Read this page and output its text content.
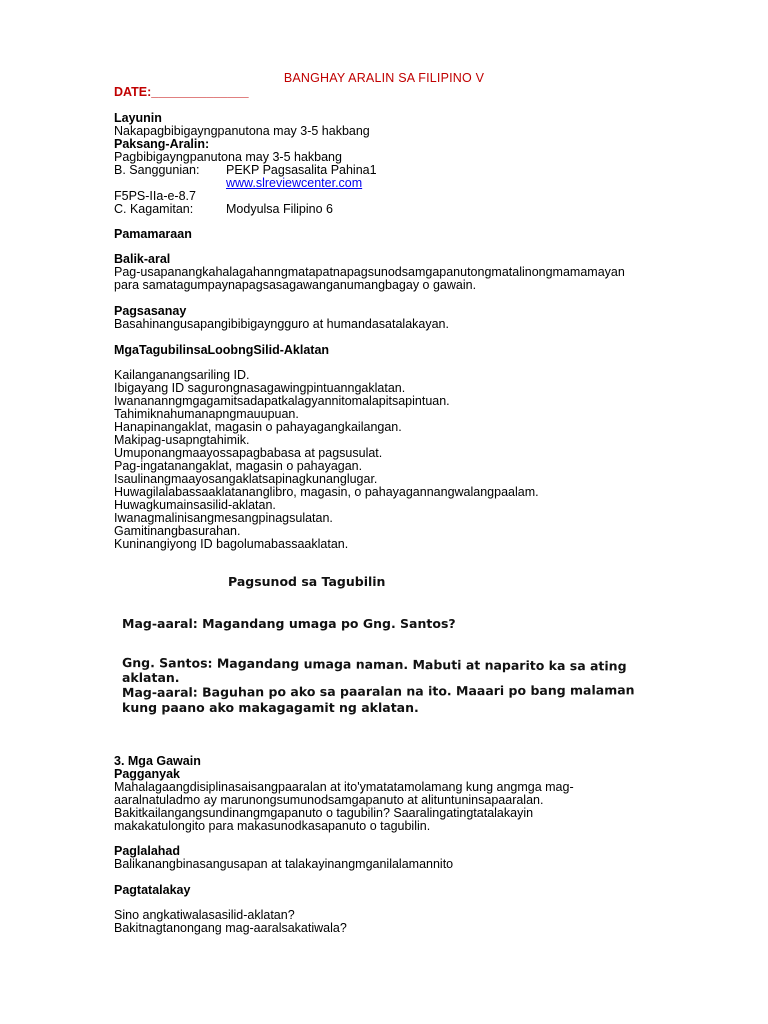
BANGHAY ARALIN SA FILIPINO V
DATE:______________
Layunin
Nakapagbibigayngpanutona may 3-5 hakbang
Paksang-Aralin:
Pagbibigayngpanutona may 3-5 hakbang
B. Sanggunian: PEKP Pagsasalita Pahina1
www.slreviewcenter.com
F5PS-IIa-e-8.7
C. Kagamitan:	Modyulsa Filipino 6
Pamamaraan
Balik-aral
Pag-usapanangkahalagahanngmatapatnapagsunodsamgapanutongmatalinongmamamayan
para samatagumpaynapagsasagawanganumangbagay o gawain.
Pagsasanay
Basahinangusapangibibigayngguro at humandasatalakayan.
MgaTagubilinsaLoobngSilid-Aklatan
Kailanganangsariling ID.
Ibigayang ID sagurongnasagawingpintuanngaklatan.
Iwanananngmgagamitsadapatkalagyannitomalapitsapintuan.
Tahimiknahumanapngmauupuan.
Hanapinangaklat, magasin o pahayagangkailangan.
Makipag-usapngtahimik.
Umuponangmaayossapagbabasa at pagsusulat.
Pag-ingatanangaklat, magasin o pahayagan.
Isaulinangmaayosangaklatsapinagkunanglugar.
Huwagilalabassaaklatananglibro, magasin, o pahayagannangwalangpaalam.
Huwagkumainsasilid-aklatan.
Iwanagmalinisangmesangpinagsulatan.
Gamitinangbasurahan.
Kuninangiyong ID bagolumabassaaklatan.
Pagsunod sa Tagubilin
Mag-aaral: Magandang umaga po Gng. Santos?
Gng. Santos: Magandang umaga naman. Mabuti at naparito ka sa ating
aklatan.
Mag-aaral: Baguhan po ako sa paaralan na ito. Maaari po bang malaman
kung paano ako makagagamit ng aklatan.
3. Mga Gawain
Pagganyak
Mahalagaangdisiplinasaisangpaaralan at ito'ymatatamolamang kung angmga mag-
aaralnatuladmo ay marunongsumunodsamgapanuto at alituntuninsapaaralan.
Bakitkailangangsundinangmgapanuto o tagubilin? Saaralingatingtatalakayin
makakatulongito para makasunodkasapanuto o tagubilin.
Paglalahad
Balikanangbinasangusapan at talakayinangmganilalamannito
Pagtatalakay
Sino angkatiwalasasilid-aklatan?
Bakitnagtanongang mag-aaralsakatiwala?
